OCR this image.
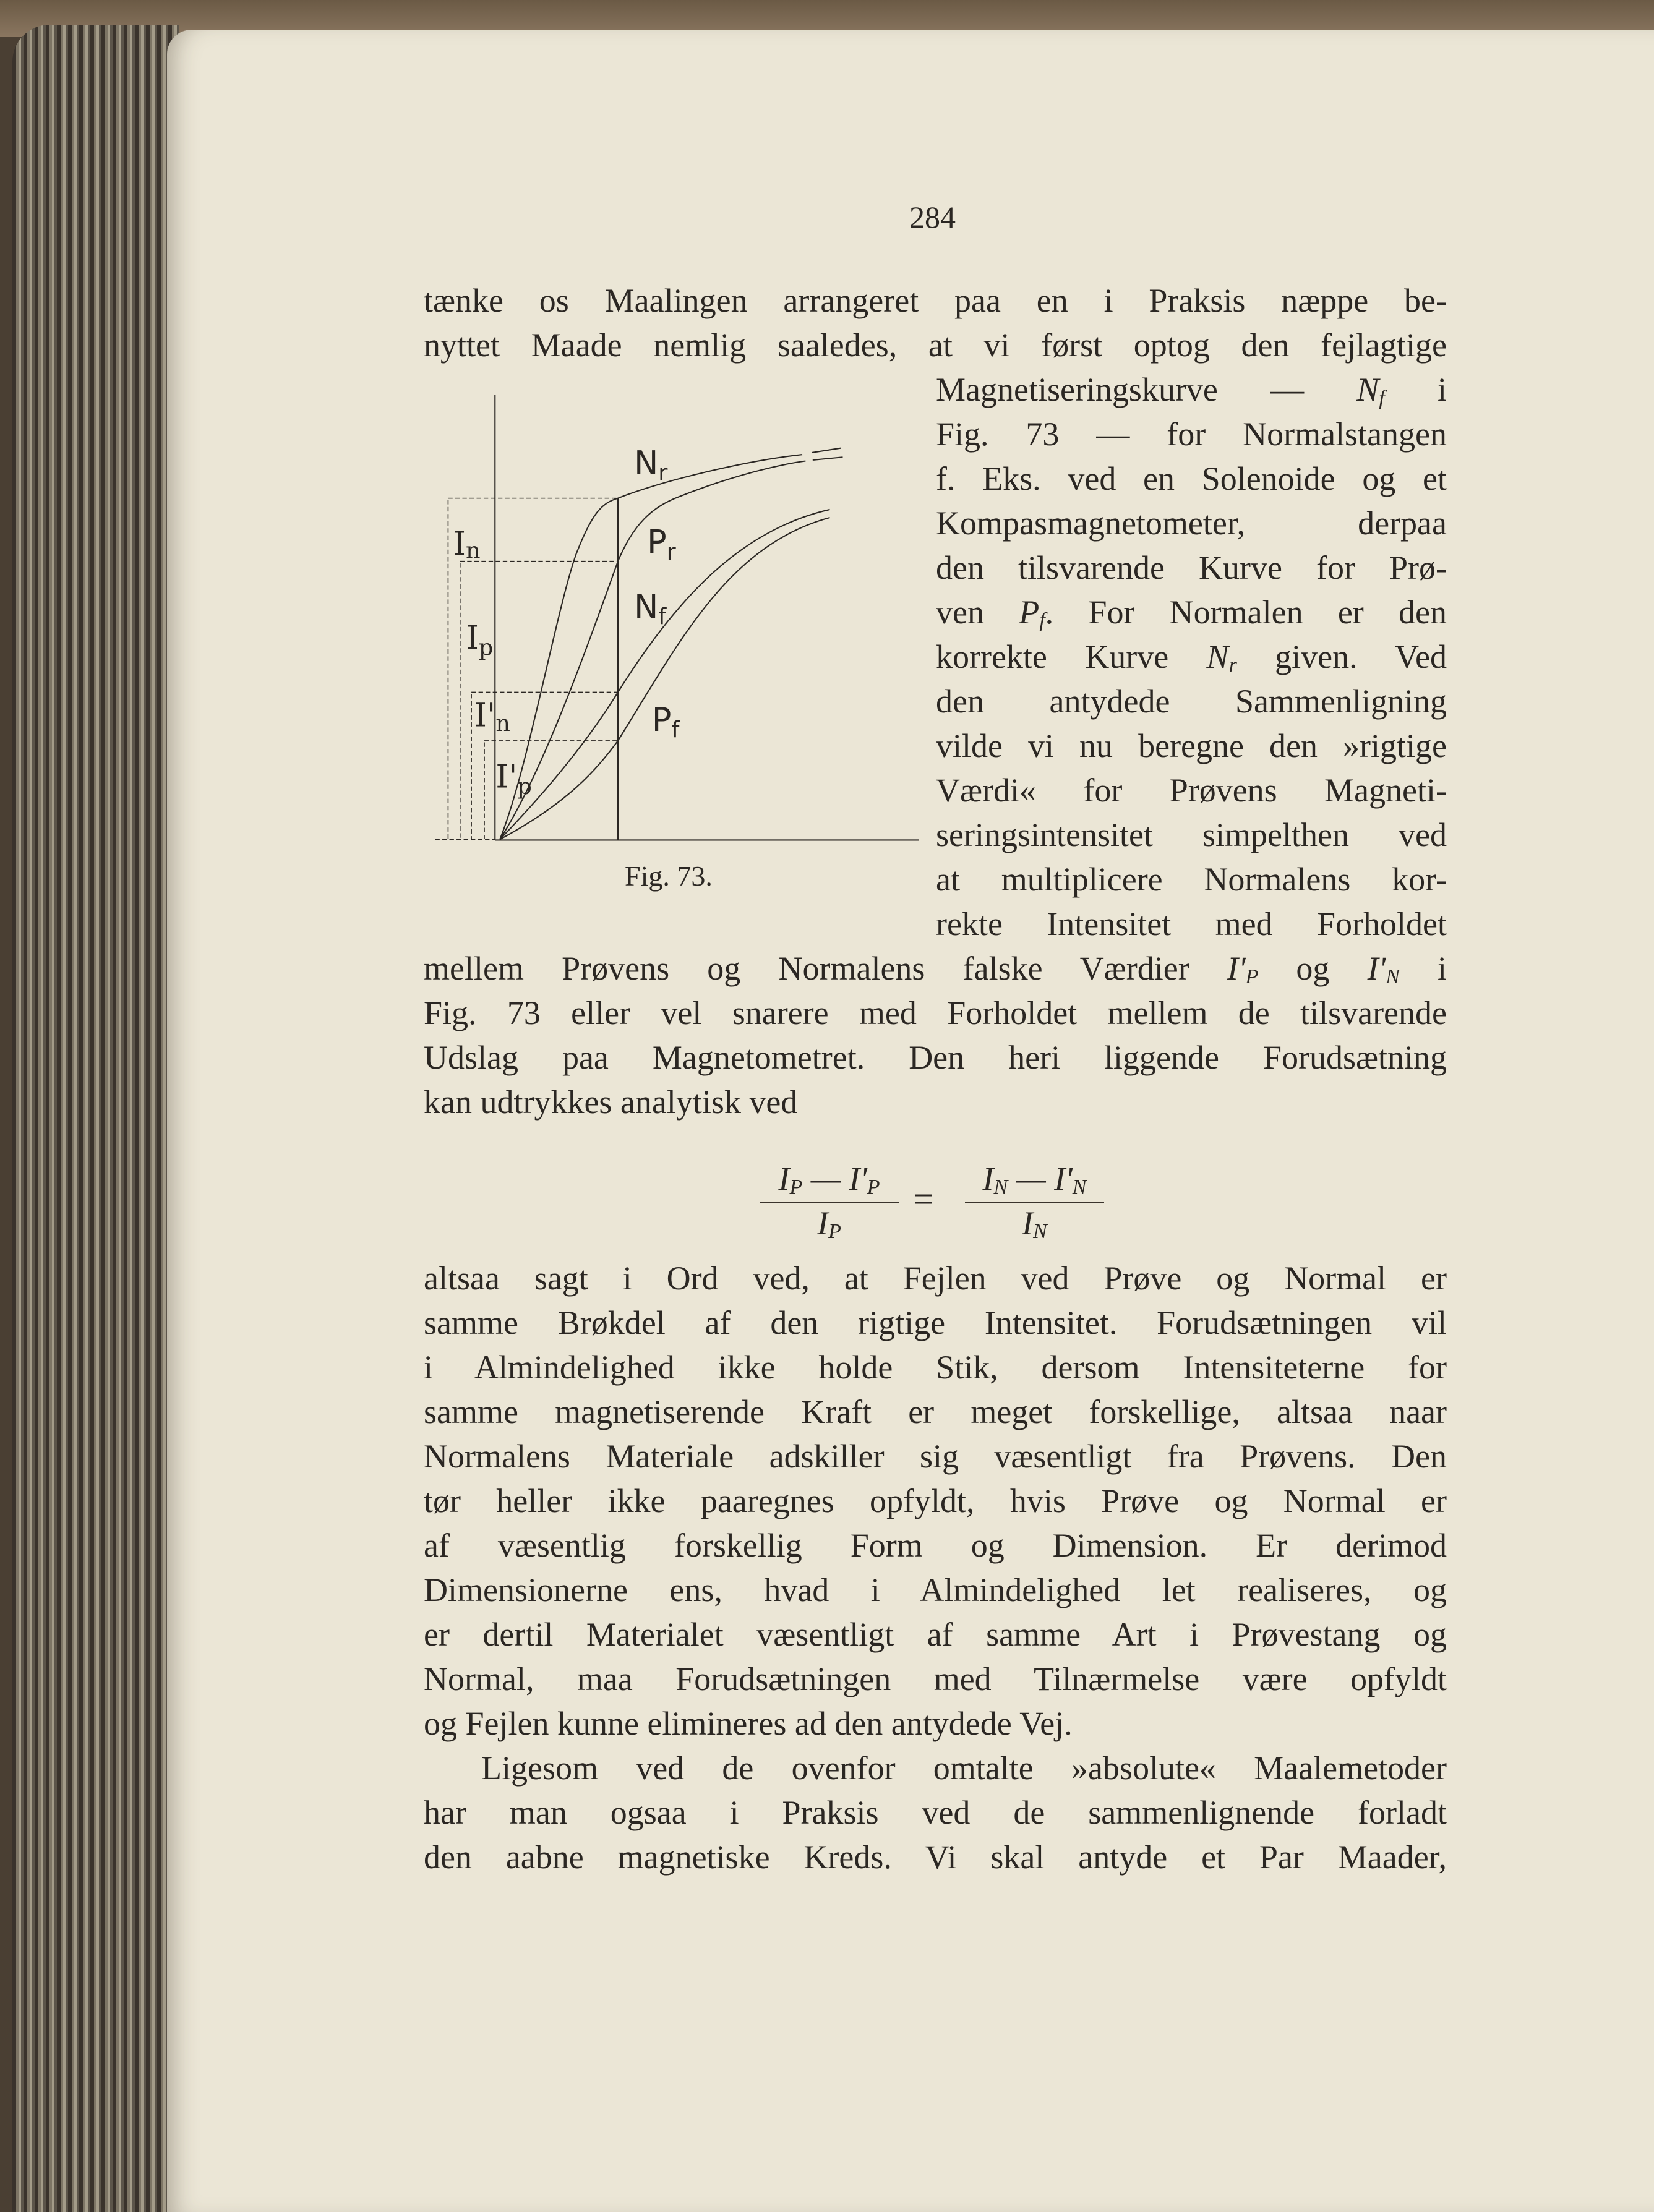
284
tænke os Maalingen arrangeret paa en i Praksis næppe be-
nyttet Maade nemlig saaledes, at vi først optog den fejlagtige
Magnetiseringskurve — $N_f$ i
Fig. 73 — for Normalstangen
f. Eks. ved en Solenoide og et
Kompasmagnetometer, derpaa
den tilsvarende Kurve for Prø-
ven $P_f$. For Normalen er den
korrekte Kurve $N_r$ given. Ved
den antydede Sammenligning
vilde vi nu beregne den »rigtige
Værdi« for Prøvens Magneti-
seringsintensitet simpelthen ved
at multiplicere Normalens kor-
rekte Intensitet med Forholdet
mellem Prøvens og Normalens falske Værdier $I'_P$ og $I'_N$ i
Fig. 73 eller vel snarere med Forholdet mellem de tilsvarende
Udslag paa Magnetometret. Den heri liggende Forudsætning
kan udtrykkes analytisk ved
altsaa sagt i Ord ved, at Fejlen ved Prøve og Normal er
samme Brøkdel af den rigtige Intensitet. Forudsætningen vil
i Almindelighed ikke holde Stik, dersom Intensiteterne for
samme magnetiserende Kraft er meget forskellige, altsaa naar
Normalens Materiale adskiller sig væsentligt fra Prøvens. Den
tør heller ikke paaregnes opfyldt, hvis Prøve og Normal er
af væsentlig forskellig Form og Dimension. Er derimod
Dimensionerne ens, hvad i Almindelighed let realiseres, og
er dertil Materialet væsentligt af samme Art i Prøvestang og
Normal, maa Forudsætningen med Tilnærmelse være opfyldt
og Fejlen kunne elimineres ad den antydede Vej.
Ligesom ved de ovenfor omtalte »absolute« Maalemetoder
har man ogsaa i Praksis ved de sammenlignende forladt
den aabne magnetiske Kreds. Vi skal antyde et Par Maader,
$N_r$
$P_r$
$N_f$
$P_f$
In
$I_p$
I'n
$I'_p$
Fig. 73.
$\frac{I_P — I'_P}{I_P} = \frac{I_N — I'_N}{I_N}$
